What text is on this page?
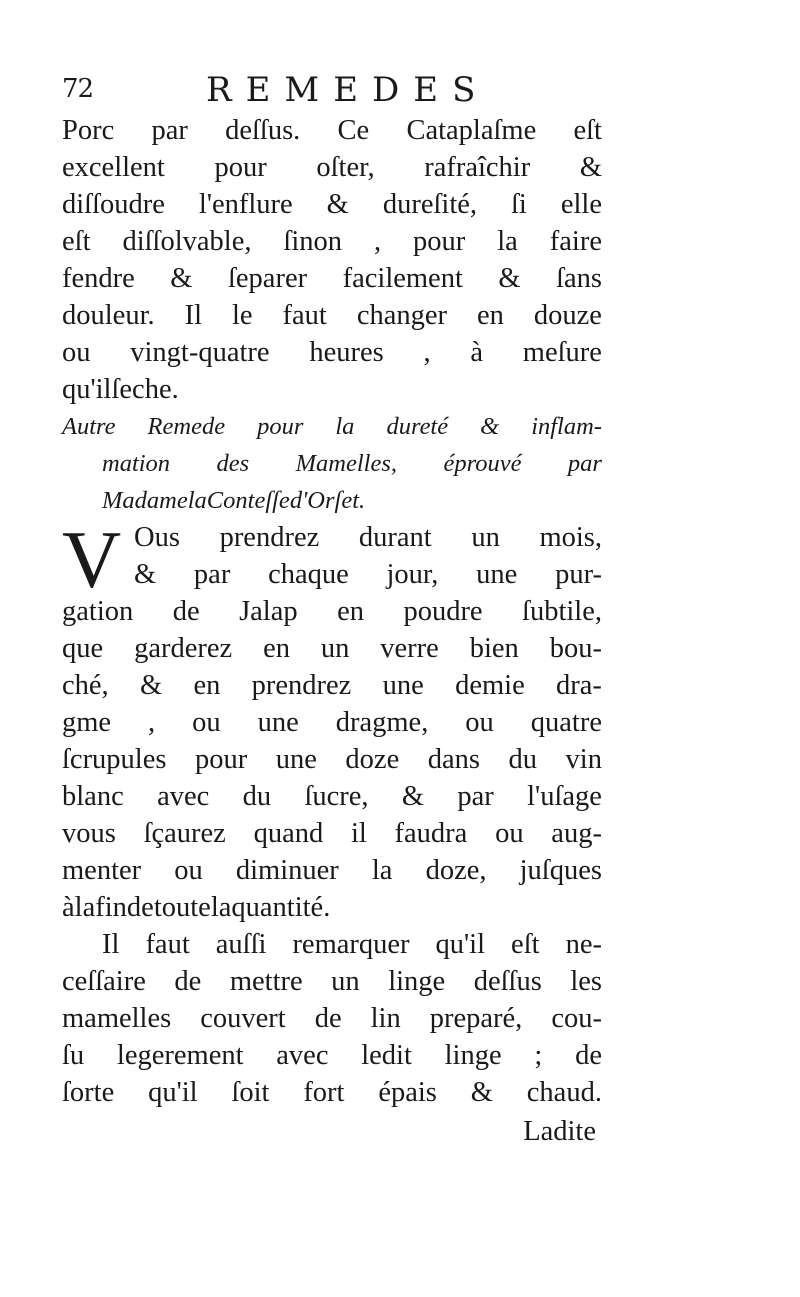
72	REMEDES
Porc par deſſus. Ce Cataplaſme eſt
excellent pour oſter, rafraîchir &
diſſoudre l'enflure & dureſité, ſi elle
eſt diſſolvable, ſinon , pour la faire
fendre & ſeparer facilement & ſans
douleur. Il le faut changer en douze
ou vingt-quatre heures , à meſure
qu'il ſeche.
Autre Remede pour la dureté & inflam-
mation des Mamelles, éprouvé par
Madame la Conteſſe d'Orſet.
V Ous prendrez durant un mois,
& par chaque jour, une pur-
gation de Jalap en poudre ſubtile,
que garderez en un verre bien bou-
ché, & en prendrez une demie dra-
gme , ou une dragme, ou quatre
ſcrupules pour une doze dans du vin
blanc avec du ſucre, & par l'uſage
vous ſçaurez quand il faudra ou aug-
menter ou diminuer la doze, juſques
à la fin de toute la quantité.
Il faut auſſi remarquer qu'il eſt ne-
ceſſaire de mettre un linge deſſus les
mamelles couvert de lin preparé, cou-
ſu legerement avec ledit linge ; de
ſorte qu'il ſoit fort épais & chaud.
Ladite
